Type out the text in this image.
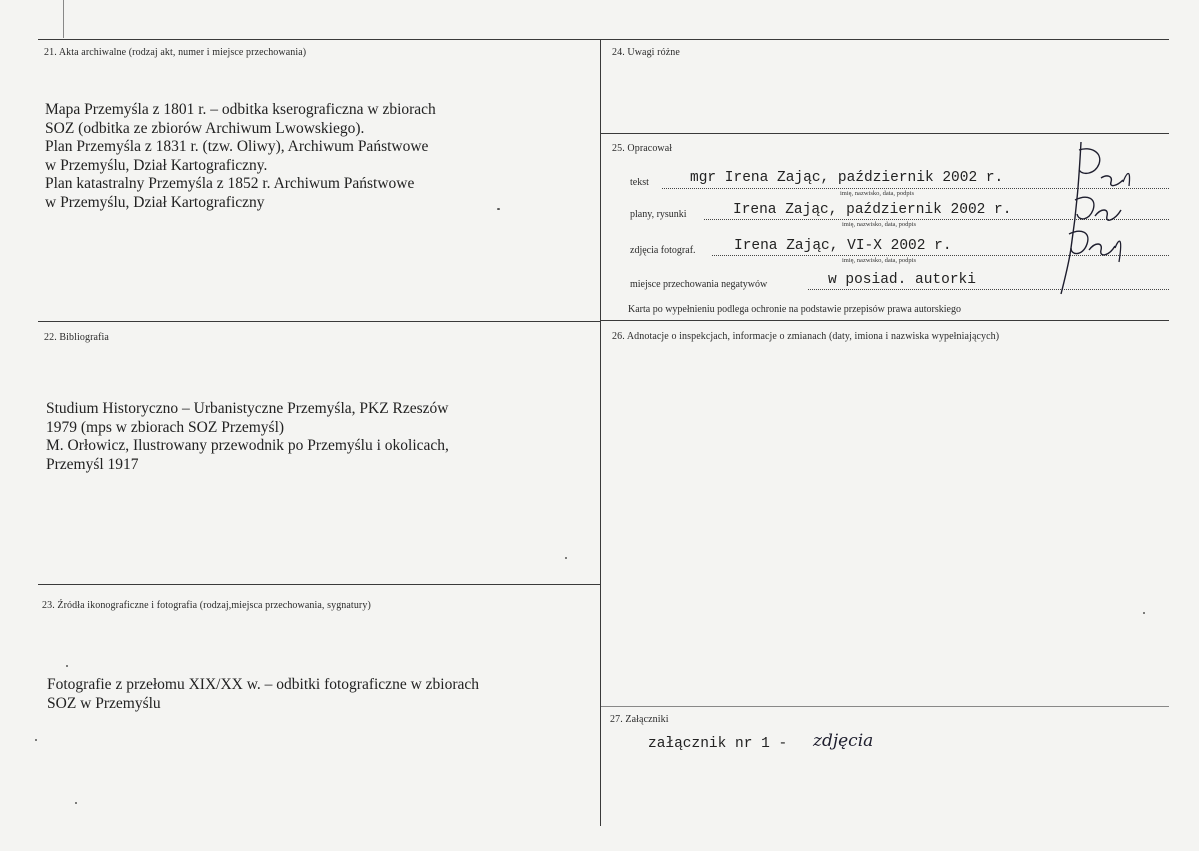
21. Akta archiwalne (rodzaj akt, numer i miejsce przechowania)
Mapa Przemyśla z 1801 r. – odbitka kserograficzna w zbiorach
SOZ (odbitka ze zbiorów Archiwum Lwowskiego).
Plan Przemyśla z 1831 r. (tzw. Oliwy), Archiwum Państwowe
w Przemyślu, Dział Kartograficzny.
Plan katastralny Przemyśla z 1852 r. Archiwum Państwowe
w Przemyślu, Dział Kartograficzny
22. Bibliografia
Studium Historyczno – Urbanistyczne Przemyśla, PKZ Rzeszów
1979 (mps w zbiorach SOZ Przemyśl)
M. Orłowicz, Ilustrowany przewodnik po Przemyślu i okolicach,
Przemyśl 1917
23. Źródła ikonograficzne i fotografia (rodzaj,miejsca przechowania, sygnatury)
Fotografie z przełomu XIX/XX w. – odbitki fotograficzne w zbiorach
SOZ w Przemyślu
24. Uwagi różne
25. Opracował
tekst	mgr Irena Zając, październik 2002 r.
imię, nazwisko, data, podpis
plany, rysunki	Irena Zając, październik 2002 r.
imię, nazwisko, data, podpis
zdjęcia fotograf.	Irena Zając, VI-X 2002 r.
imię, nazwisko, data, podpis
miejsce przechowania negatywów	w posiad. autorki
Karta po wypełnieniu podlega ochronie na podstawie przepisów prawa autorskiego
26. Adnotacje o inspekcjach, informacje o zmianach (daty, imiona i nazwiska wypełniających)
27. Załączniki
załącznik nr 1 - zdjęcia
